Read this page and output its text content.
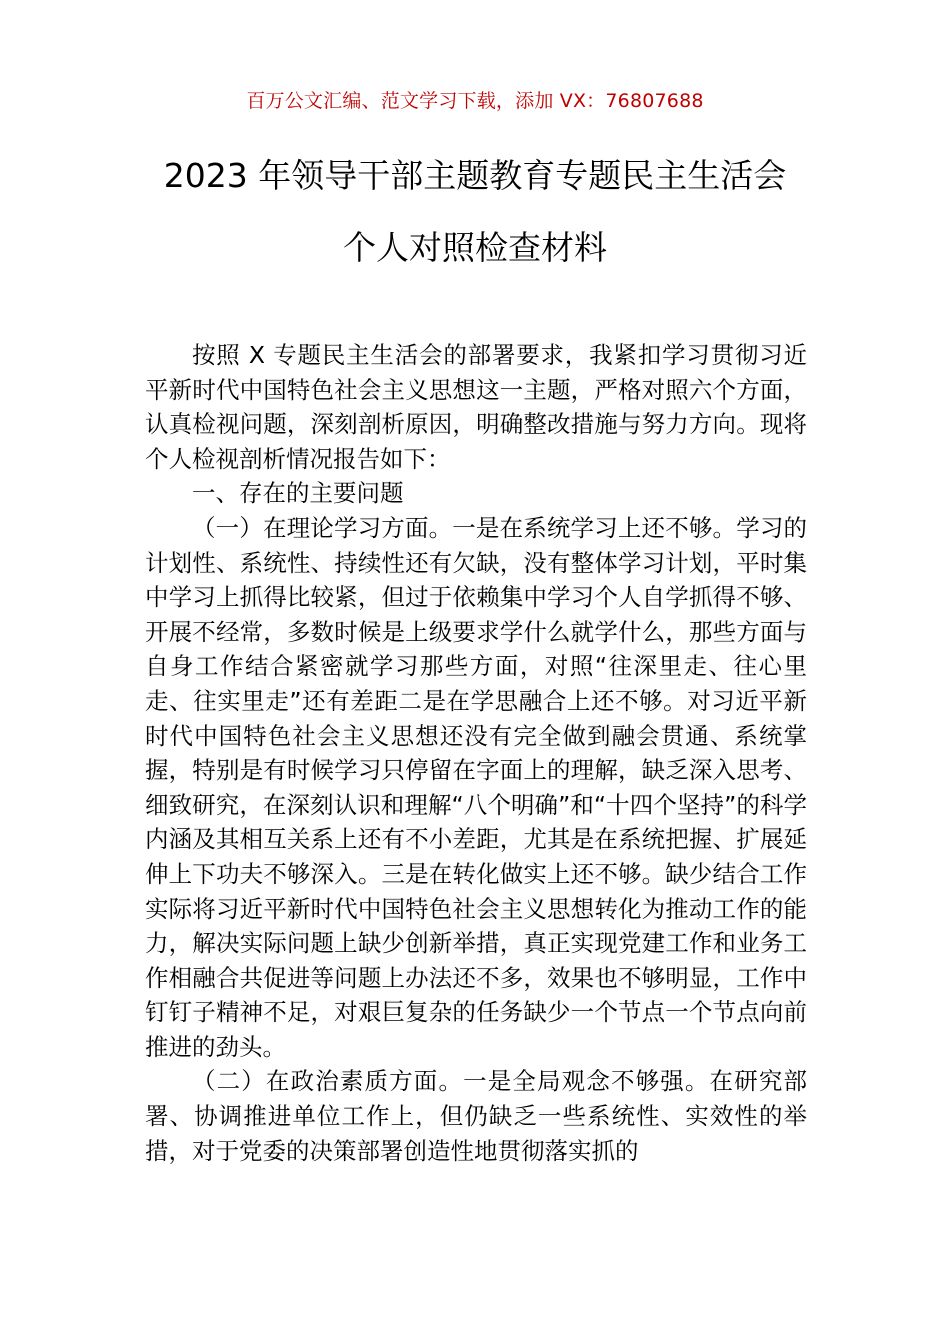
百万公文汇编、范文学习下载，添加 VX：76807688
2023 年领导干部主题教育专题民主生活会
个人对照检查材料

按照 X 专题民主生活会的部署要求，我紧扣学习贯彻习近平新时代中国特色社会主义思想这一主题，严格对照六个方面，认真检视问题，深刻剖析原因，明确整改措施与努力方向。现将个人检视剖析情况报告如下：

一、存在的主要问题

（一）在理论学习方面。一是在系统学习上还不够。学习的计划性、系统性、持续性还有欠缺，没有整体学习计划，平时集中学习上抓得比较紧，但过于依赖集中学习个人自学抓得不够、开展不经常，多数时候是上级要求学什么就学什么，那些方面与自身工作结合紧密就学习那些方面，对照“往深里走、往心里走、往实里走”还有差距二是在学思融合上还不够。对习近平新时代中国特色社会主义思想还没有完全做到融会贯通、系统掌握，特别是有时候学习只停留在字面上的理解，缺乏深入思考、细致研究，在深刻认识和理解“八个明确”和“十四个坚持”的科学内涵及其相互关系上还有不小差距，尤其是在系统把握、扩展延伸上下功夫不够深入。三是在转化做实上还不够。缺少结合工作实际将习近平新时代中国特色社会主义思想转化为推动工作的能力，解决实际问题上缺少创新举措，真正实现党建工作和业务工作相融合共促进等问题上办法还不多，效果也不够明显，工作中钉钉子精神不足，对艰巨复杂的任务缺少一个节点一个节点向前推进的劲头。

（二）在政治素质方面。一是全局观念不够强。在研究部署、协调推进单位工作上，但仍缺乏一些系统性、实效性的举措，对于党委的决策部署创造性地贯彻落实抓的
